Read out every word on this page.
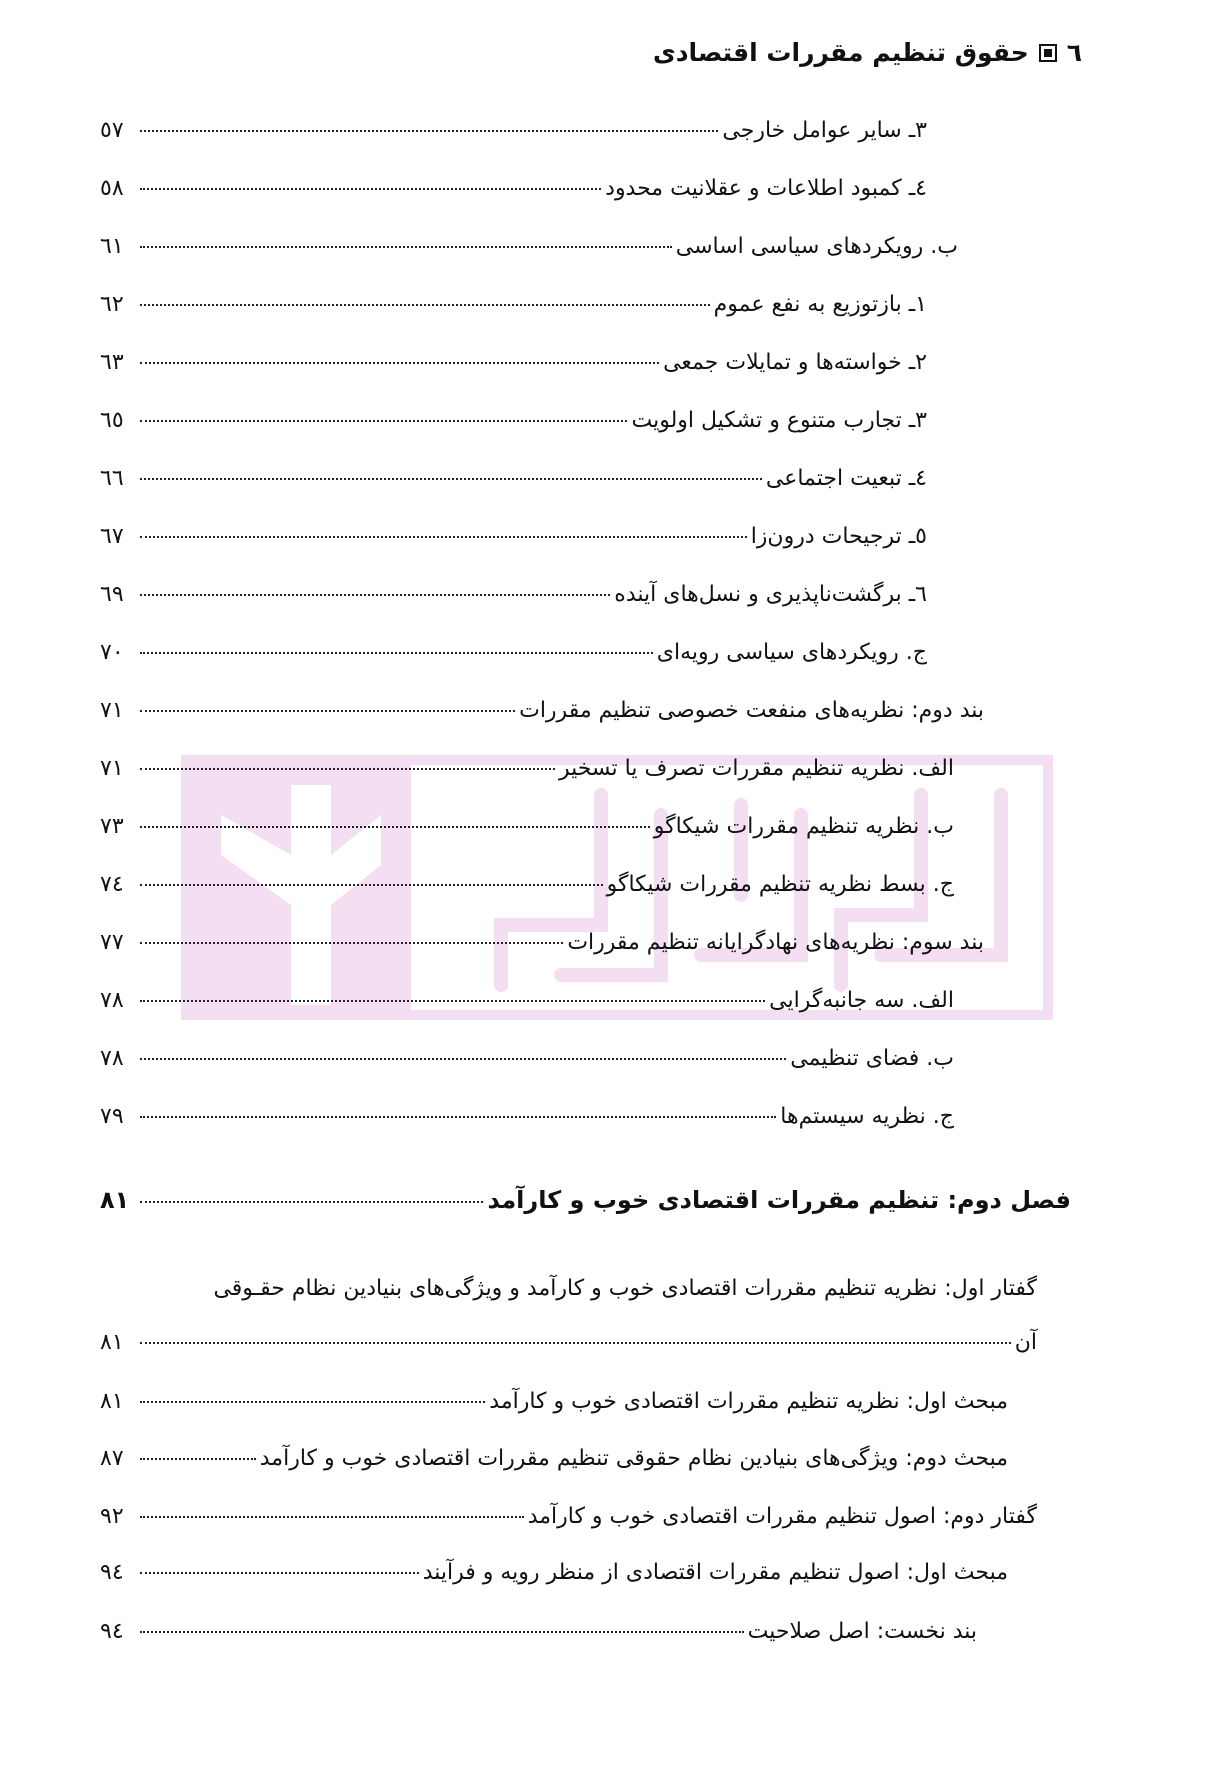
٦
حقوق تنظیم مقررات اقتصادی
٣ـ سایر عوامل خارجی
٥٧
٤ـ كمبود اطلاعات و عقلانیت محدود
٥٨
ب. رویكردهای سیاسی اساسی
٦١
١ـ بازتوزیع به نفع عموم
٦٢
٢ـ خواسته‌ها و تمایلات جمعی
٦٣
٣ـ تجارب متنوع و تشكیل اولویت
٦٥
٤ـ تبعیت اجتماعی
٦٦
٥ـ ترجیحات درون‌زا
٦٧
٦ـ برگشت‌ناپذیری و نسل‌های آینده
٦٩
ج. رویكردهای سیاسی رویه‌ای
٧٠
بند دوم: نظریه‌های منفعت خصوصی تنظیم مقررات
٧١
الف. نظریه تنظیم مقررات تصرف یا تسخیر
٧١
ب. نظریه تنظیم مقررات شیكاگو
٧٣
ج. بسط نظریه تنظیم مقررات شیكاگو
٧٤
بند سوم: نظریه‌های نهادگرایانه تنظیم مقررات
٧٧
الف. سه جانبه‌گرایی
٧٨
ب. فضای تنظیمی
٧٨
ج. نظریه سیستم‌ها
٧٩
فصل دوم: تنظیم مقررات اقتصادی خوب و كارآمد
٨١
آن
٨١
مبحث اول: نظریه تنظیم مقررات اقتصادی خوب و كارآمد
٨١
مبحث دوم: ویژگی‌های بنیادین نظام حقوقی تنظیم مقررات اقتصادی خوب و كارآمد
٨٧
گفتار دوم: اصول تنظیم مقررات اقتصادی خوب و كارآمد
٩٢
مبحث اول: اصول تنظیم مقررات اقتصادی از منظر رویه و فرآیند
٩٤
بند نخست: اصل صلاحیت
٩٤
گفتار اول: نظریه تنظیم مقررات اقتصادی خوب و كارآمد و ویژگی‌های بنیادین نظام حقـوقی
